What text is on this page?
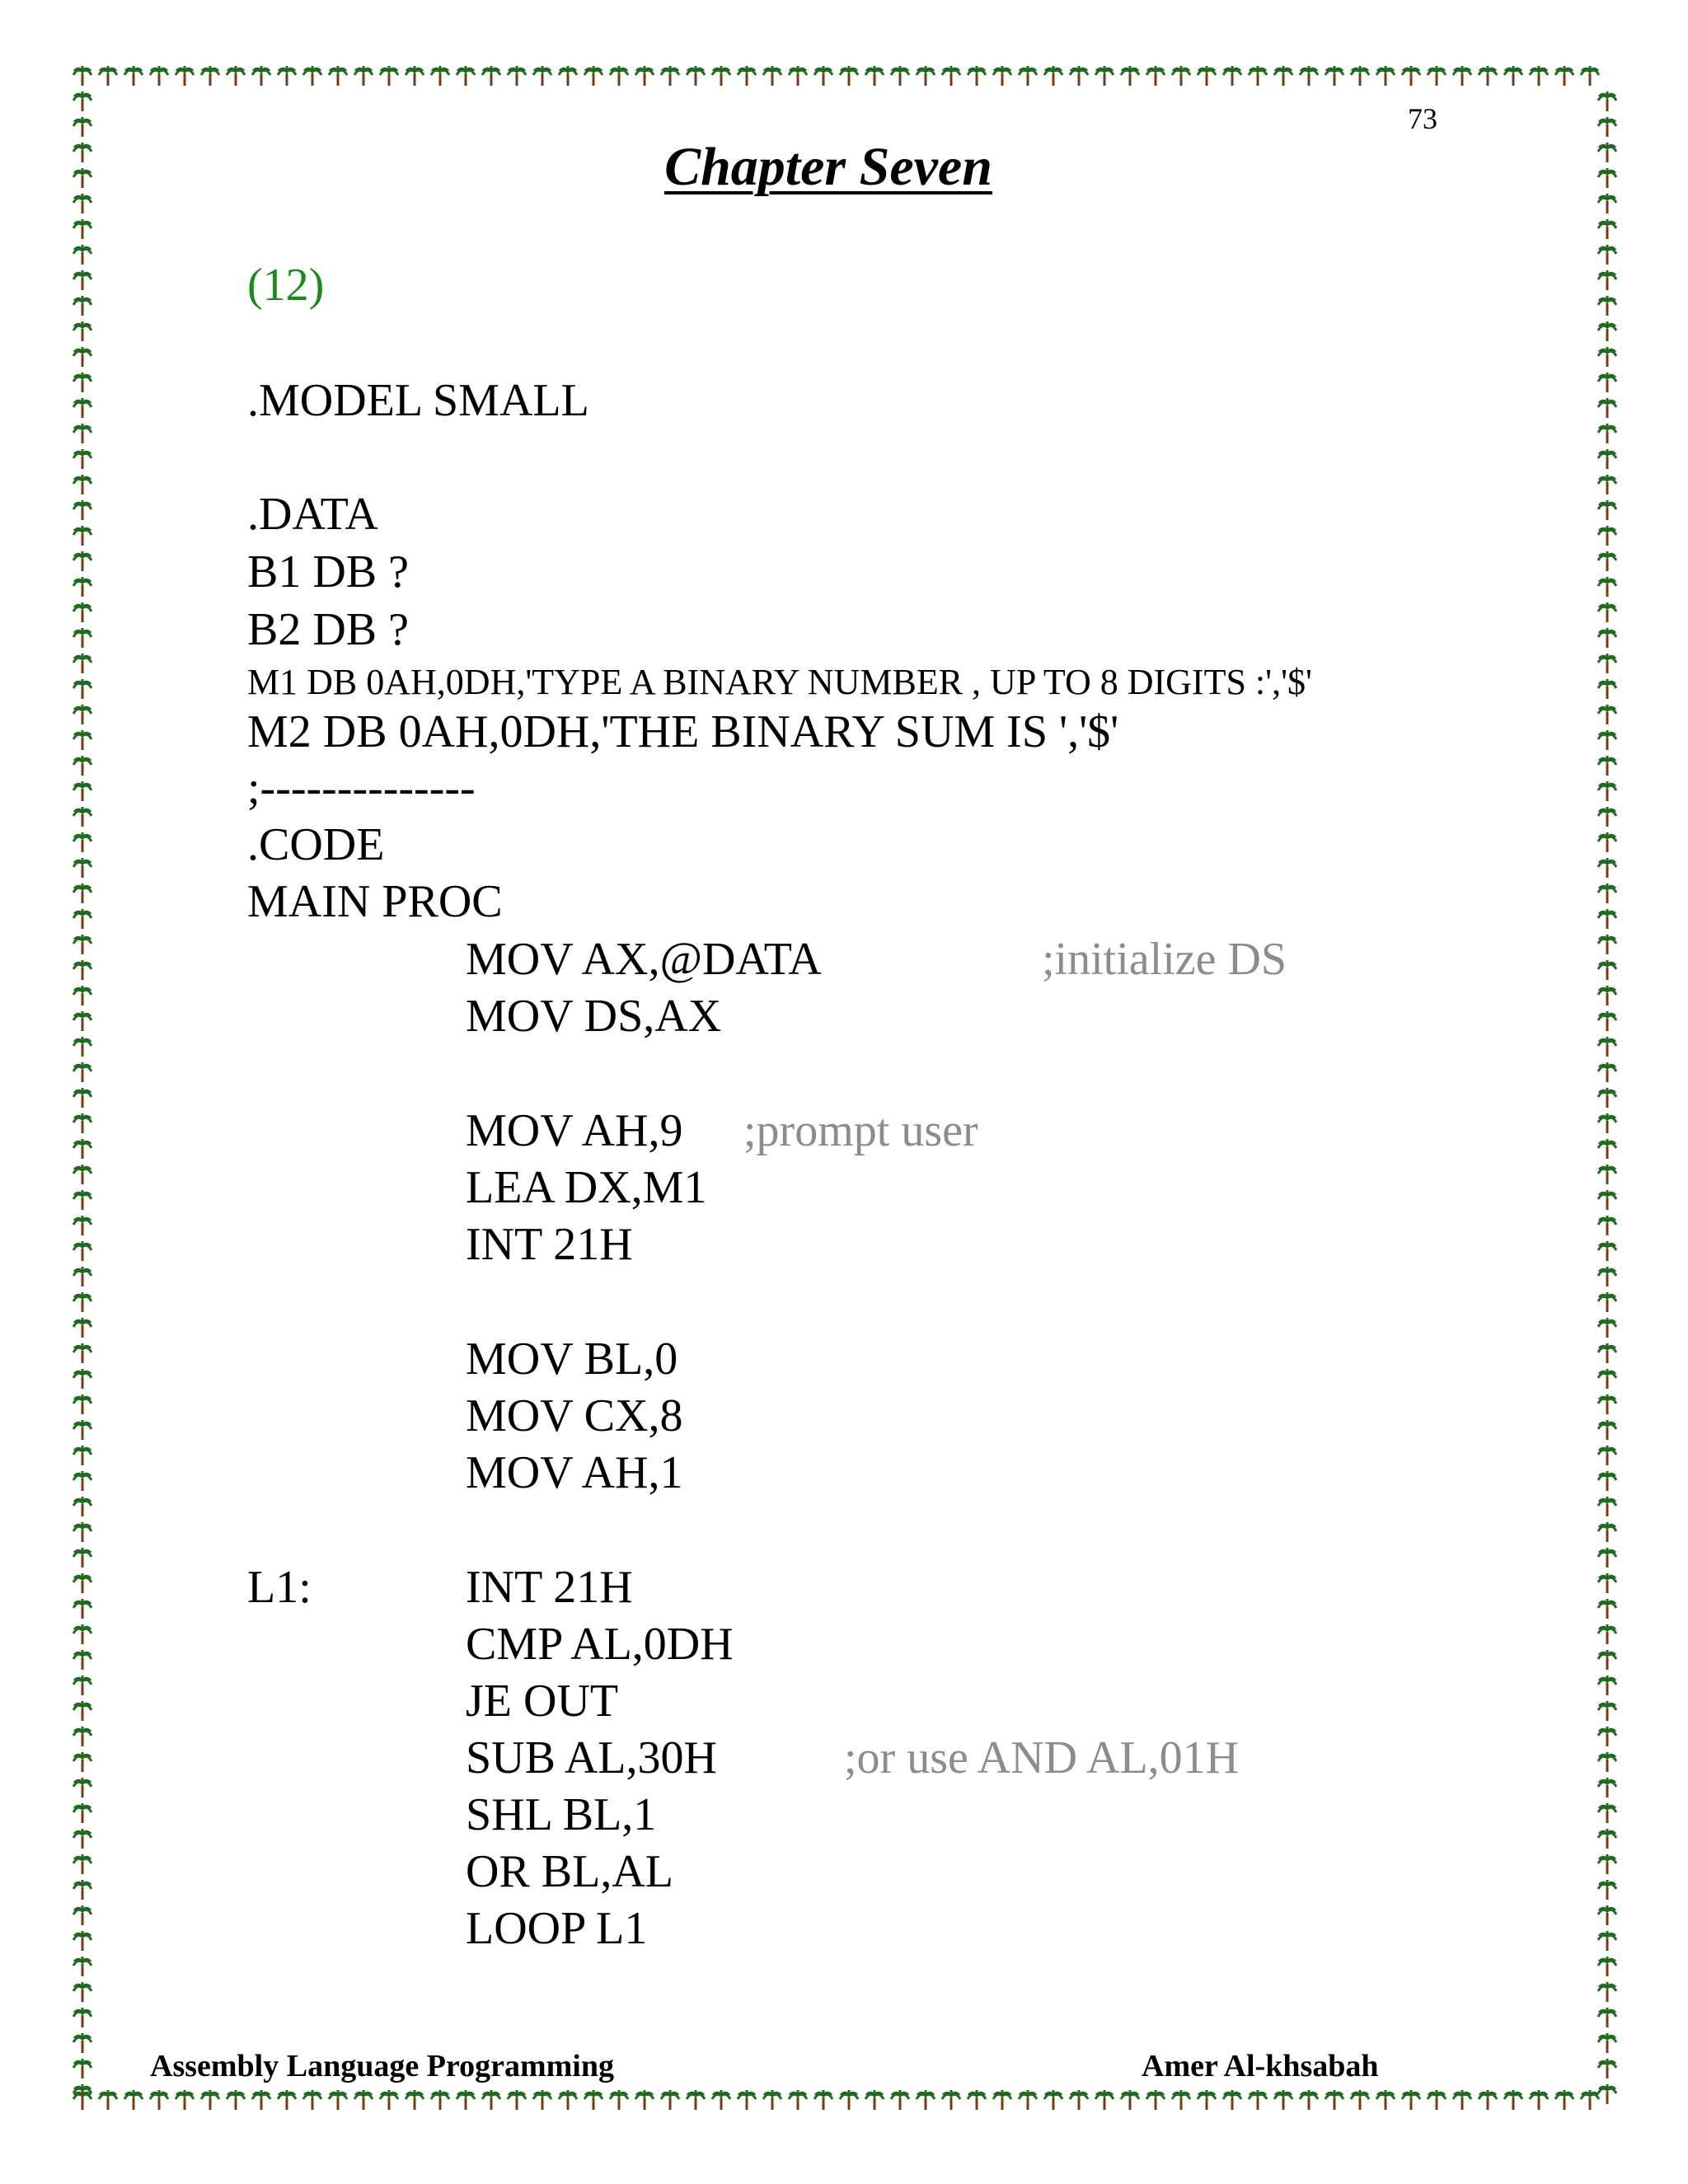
73
Chapter Seven
(12)
.MODEL SMALL
.DATA
B1 DB ?
B2 DB ?
M1 DB 0AH,0DH,'TYPE A BINARY NUMBER , UP TO 8 DIGITS :','$'
M2 DB 0AH,0DH,'THE BINARY SUM IS ','$'
;--------------
.CODE
MAIN PROC
MOV AX,@DATA	;initialize DS
MOV DS,AX
MOV AH,9 ;prompt user
LEA DX,M1
INT 21H
MOV BL,0
MOV CX,8
MOV AH,1
L1:	INT 21H
CMP AL,0DH
JE OUT
SUB AL,30H	;or use AND AL,01H
SHL BL,1
OR BL,AL
LOOP L1
Assembly Language Programming	Amer Al-khsabah
